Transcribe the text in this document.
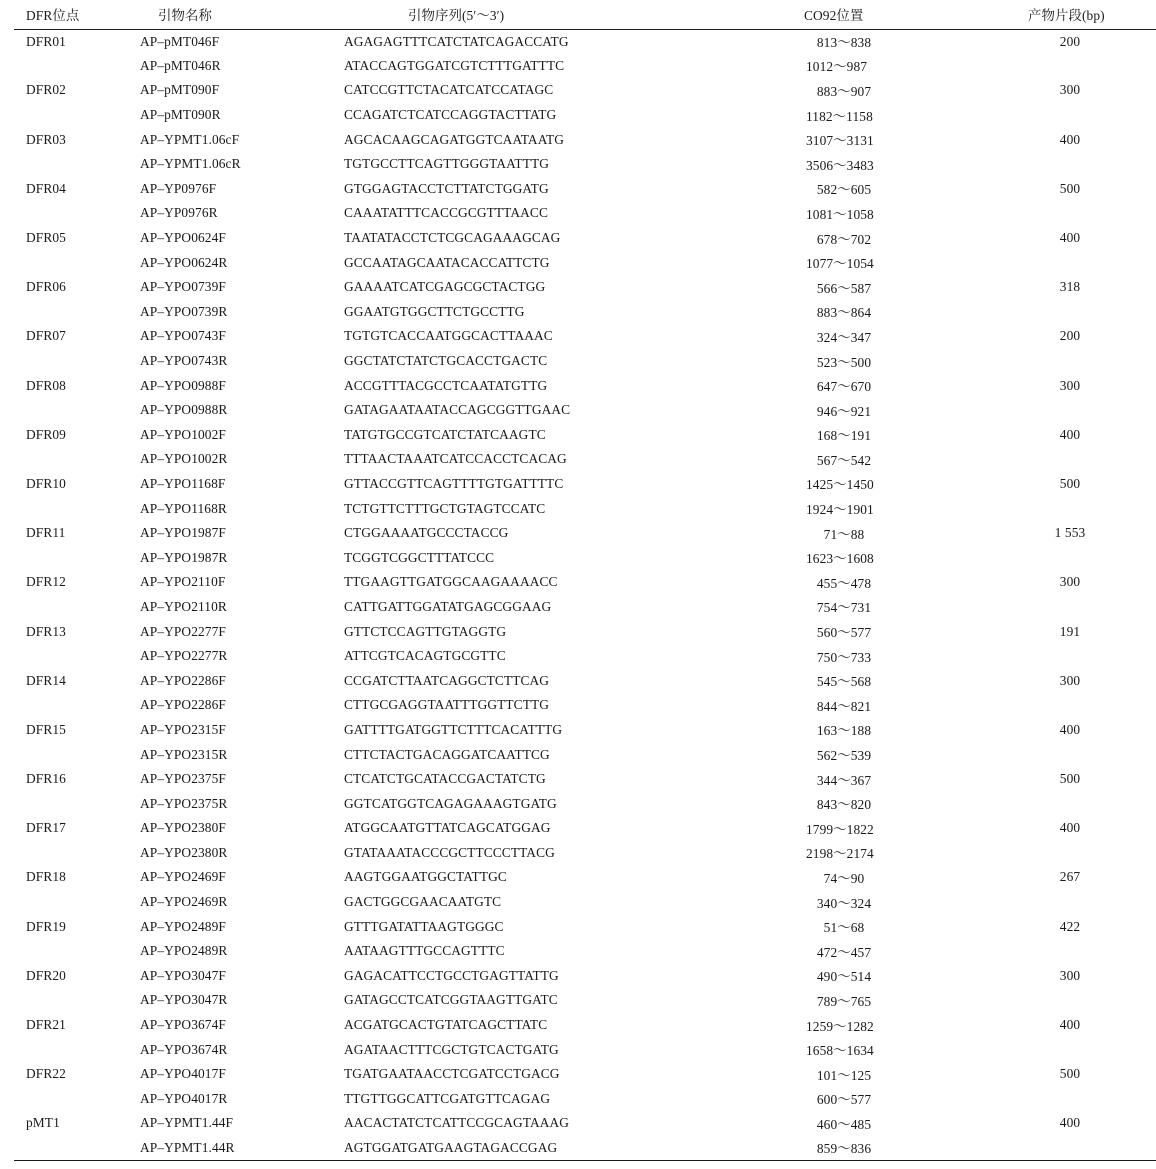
DFR位点	引物名称	引物序列(5′～3′)	CO92位置	产物片段(bp)
DFR01	AP–pMT046F	AGAGAGTTTCATCTATCAGACCATG	813～838	200
	AP–pMT046R	ATACCAGTGGATCGTCTTTGATTTC	1012～987	
DFR02	AP–pMT090F	CATCCGTTCTACATCATCCATAGC	883～907	300
	AP–pMT090R	CCAGATCTCATCCAGGTACTTATG	1182～1158	
DFR03	AP–YPMT1.06cF	AGCACAAGCAGATGGTCAATAATG	3107～3131	400
	AP–YPMT1.06cR	TGTGCCTTCAGTTGGGTAATTTG	3506～3483	
DFR04	AP–YP0976F	GTGGAGTACCTCTTATCTGGATG	582～605	500
	AP–YP0976R	CAAATATTTCACCGCGTTTAACC	1081～1058	
DFR05	AP–YPO0624F	TAATATACCTCTCGCAGAAAGCAG	678～702	400
	AP–YPO0624R	GCCAATAGCAATACACCATTCTG	1077～1054	
DFR06	AP–YPO0739F	GAAAATCATCGAGCGCTACTGG	566～587	318
	AP–YPO0739R	GGAATGTGGCTTCTGCCTTG	883～864	
DFR07	AP–YPO0743F	TGTGTCACCAATGGCACTTAAAC	324～347	200
	AP–YPO0743R	GGCTATCTATCTGCACCTGACTC	523～500	
DFR08	AP–YPO0988F	ACCGTTTACGCCTCAATATGTTG	647～670	300
	AP–YPO0988R	GATAGAATAATACCAGCGGTTGAAC	946～921	
DFR09	AP–YPO1002F	TATGTGCCGTCATCTATCAAGTC	168～191	400
	AP–YPO1002R	TTTAACTAAATCATCCACCTCACAG	567～542	
DFR10	AP–YPO1168F	GTTACCGTTCAGTTTTGTGATTTTC	1425～1450	500
	AP–YPO1168R	TCTGTTCTTTGCTGTAGTCCATC	1924～1901	
DFR11	AP–YPO1987F	CTGGAAAATGCCCTACCG	71～88	1 553
	AP–YPO1987R	TCGGTCGGCTTTATCCC	1623～1608	
DFR12	AP–YPO2110F	TTGAAGTTGATGGCAAGAAAACC	455～478	300
	AP–YPO2110R	CATTGATTGGATATGAGCGGAAG	754～731	
DFR13	AP–YPO2277F	GTTCTCCAGTTGTAGGTG	560～577	191
	AP–YPO2277R	ATTCGTCACAGTGCGTTC	750～733	
DFR14	AP–YPO2286F	CCGATCTTAATCAGGCTCTTCAG	545～568	300
	AP–YPO2286F	CTTGCGAGGTAATTTGGTTCTTG	844～821	
DFR15	AP–YPO2315F	GATTTTGATGGTTCTTTCACATTTG	163～188	400
	AP–YPO2315R	CTTCTACTGACAGGATCAATTCG	562～539	
DFR16	AP–YPO2375F	CTCATCTGCATACCGACTATCTG	344～367	500
	AP–YPO2375R	GGTCATGGTCAGAGAAAGTGATG	843～820	
DFR17	AP–YPO2380F	ATGGCAATGTTATCAGCATGGAG	1799～1822	400
	AP–YPO2380R	GTATAAATACCCGCTTCCCTTACG	2198～2174	
DFR18	AP–YPO2469F	AAGTGGAATGGCTATTGC	74～90	267
	AP–YPO2469R	GACTGGCGAACAATGTC	340～324	
DFR19	AP–YPO2489F	GTTTGATATTAAGTGGGC	51～68	422
	AP–YPO2489R	AATAAGTTTGCCAGTTTC	472～457	
DFR20	AP–YPO3047F	GAGACATTCCTGCCTGAGTTATTG	490～514	300
	AP–YPO3047R	GATAGCCTCATCGGTAAGTTGATC	789～765	
DFR21	AP–YPO3674F	ACGATGCACTGTATCAGCTTATC	1259～1282	400
	AP–YPO3674R	AGATAACTTTCGCTGTCACTGATG	1658～1634	
DFR22	AP–YPO4017F	TGATGAATAACCTCGATCCTGACG	101～125	500
	AP–YPO4017R	TTGTTGGCATTCGATGTTCAGAG	600～577	
pMT1	AP–YPMT1.44F	AACACTATCTCATTCCGCAGTAAAG	460～485	400
	AP–YPMT1.44R	AGTGGATGATGAAGTAGACCGAG	859～836	
